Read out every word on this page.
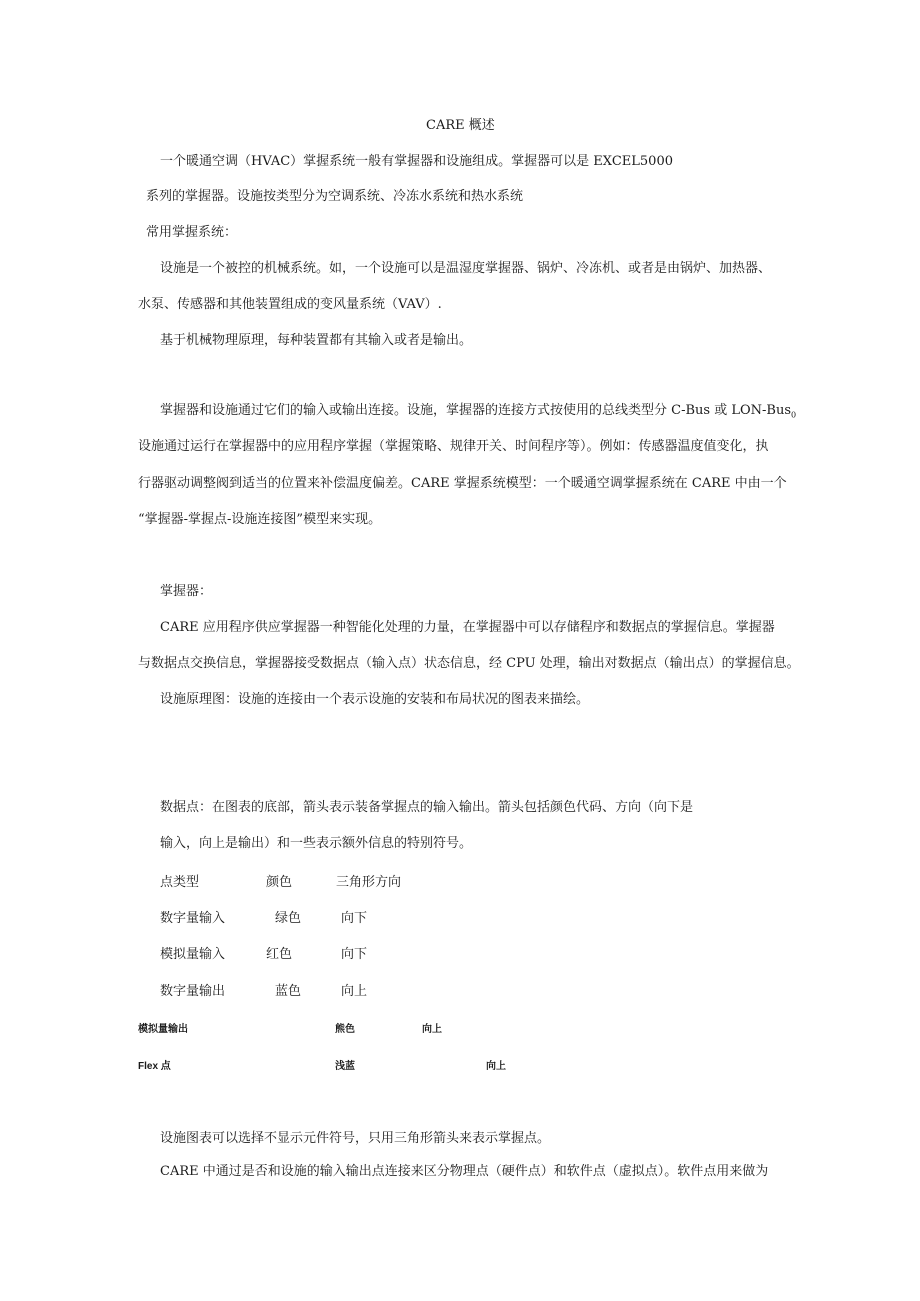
CARE 概述
一个暖通空调（HVAC）掌握系统一般有掌握器和设施组成。掌握器可以是 EXCEL5000
系列的掌握器。设施按类型分为空调系统、冷冻水系统和热水系统
常用掌握系统：
设施是一个被控的机械系统。如，一个设施可以是温湿度掌握器、锅炉、冷冻机、或者是由锅炉、加热器、
水泵、传感器和其他装置组成的变风量系统（VAV）.
基于机械物理原理，每种装置都有其输入或者是输出。
掌握器和设施通过它们的输入或输出连接。设施，掌握器的连接方式按使用的总线类型分 C-Bus 或 LON-Bus$_0$
设施通过运行在掌握器中的应用程序掌握（掌握策略、规律开关、时间程序等）。例如：传感器温度值变化，执
行器驱动调整阀到适当的位置来补偿温度偏差。CARE 掌握系统模型：一个暖通空调掌握系统在 CARE 中由一个
“掌握器-掌握点-设施连接图”模型来实现。
掌握器：
CARE 应用程序供应掌握器一种智能化处理的力量，在掌握器中可以存储程序和数据点的掌握信息。掌握器
与数据点交换信息，掌握器接受数据点（输入点）状态信息，经 CPU 处理，输出对数据点（输出点）的掌握信息。
设施原理图：设施的连接由一个表示设施的安装和布局状况的图表来描绘。
数据点：在图表的底部，箭头表示装备掌握点的输入输出。箭头包括颜色代码、方向（向下是
输入，向上是输出）和一些表示额外信息的特别符号。
点类型	颜色	三角形方向
数字量输入	绿色	向下
模拟量输入	红色	向下
数字量输出	蓝色	向上
模拟量输出	熊色	向上
Flex 点	浅蓝	向上
设施图表可以选择不显示元件符号，只用三角形箭头来表示掌握点。
CARE 中通过是否和设施的输入输出点连接来区分物理点（硬件点）和软件点（虚拟点）。软件点用来做为
